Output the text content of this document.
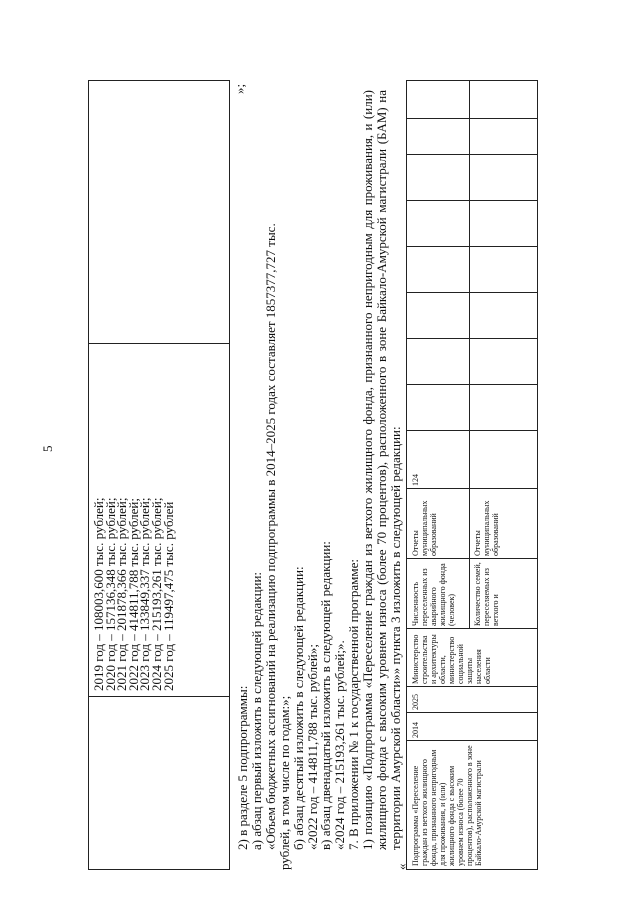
5
2019 год – 108003,600 тыс. рублей;
2020 год – 157136,348 тыс. рублей;
2021 год – 201878,366 тыс. рублей;
2022 год – 414811,788 тыс. рублей;
2023 год – 133849,337 тыс. рублей;
2024 год – 215193,261 тыс. рублей;
2025 год – 119497,475 тыс. рублей
»;

2) в разделе 5 подпрограммы:

а) абзац первый изложить в следующей редакции:

«Объем бюджетных ассигнований на реализацию подпрограммы в 2014–2025 годах составляет 1857377,727 тыс.

рублей, в том числе по годам:»;

б) абзац десятый изложить в следующей редакции:

«2022 год – 414811,788 тыс. рублей»;

в) абзац двенадцатый изложить в следующей редакции:

«2024 год – 215193,261 тыс. рублей;».

7. В приложении № 1 к государственной программе:

1) позицию «Подпрограмма «Переселение граждан из ветхого жилищного фонда, признанного непригодным для проживания, и (или) жилищного фонда с высоким уровнем износа (более 70 процентов), расположенного в зоне Байкало-Амурской магистрали (БАМ) на территории Амурской области»» пункта 3 изложить в следующей редакции:

«
Подпрограмма «Переселение граждан из ветхого жилищного фонда, признанного непригодным для проживания, и (или) жилищного фонда с высоким уровнем износа (более 70 процентов), расположенного в зоне Байкало-Амурской магистрали
2014
2025
Министерство строительства и архитектуры области, министерство социальной защиты населения области
Численность переселенных из аварийного жилищного фонда (человек)
Отчеты муниципальных образований
124
Количество семей, переселяемых из ветхого и
Отчеты муниципальных образований
